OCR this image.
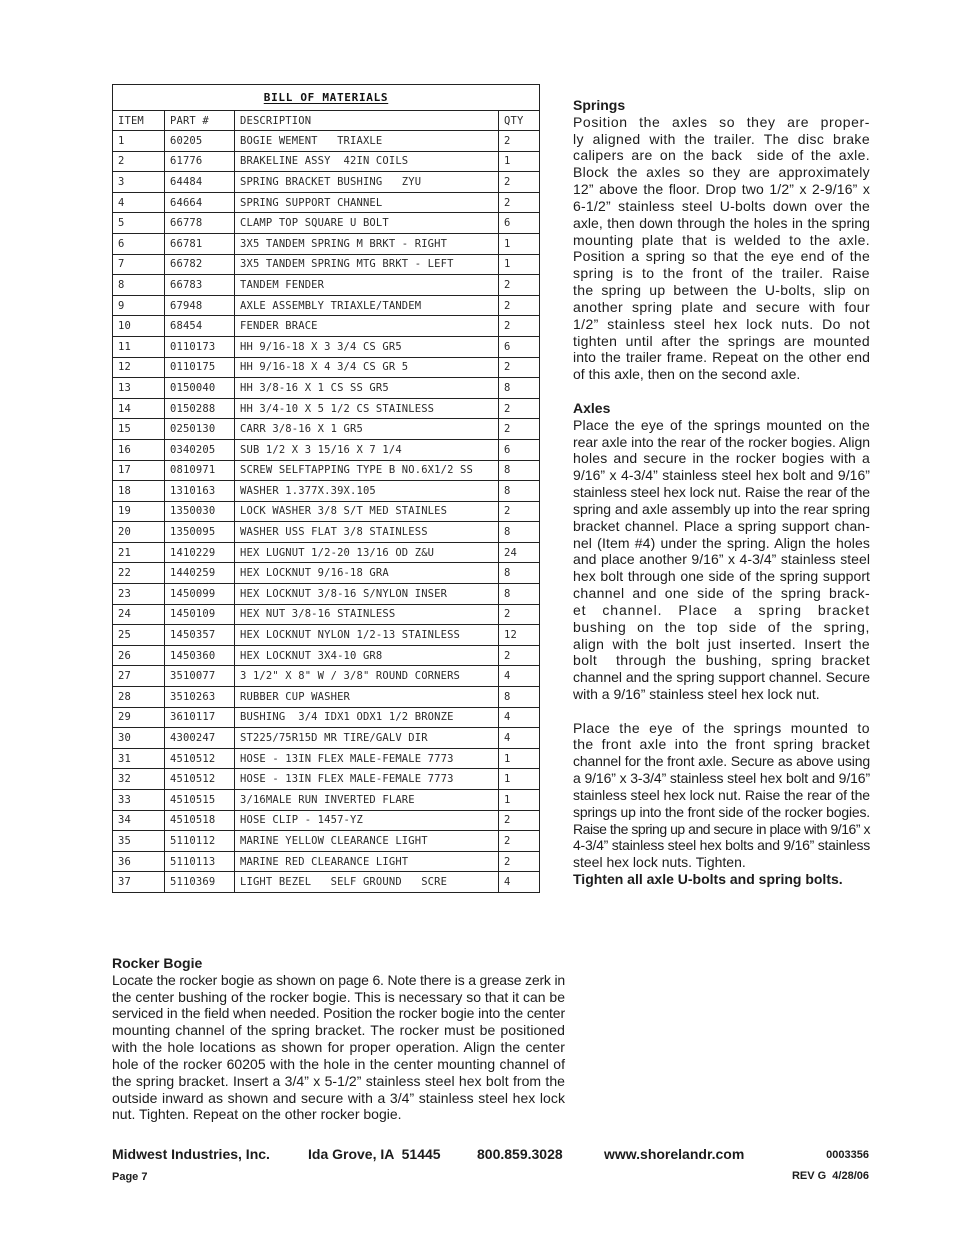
BILL OF MATERIALS
ITEM	PART #	DESCRIPTION	QTY
1	60205	BOGIE WEMENT   TRIAXLE	2
2	61776	BRAKELINE ASSY  42IN COILS	1
3	64484	SPRING BRACKET BUSHING   ZYU	2
4	64664	SPRING SUPPORT CHANNEL	2
5	66778	CLAMP TOP SQUARE U BOLT	6
6	66781	3X5 TANDEM SPRING M BRKT - RIGHT	1
7	66782	3X5 TANDEM SPRING MTG BRKT - LEFT	1
8	66783	TANDEM FENDER	2
9	67948	AXLE ASSEMBLY TRIAXLE/TANDEM	2
10	68454	FENDER BRACE	2
11	0110173	HH 9/16-18 X 3 3/4 CS GR5	6
12	0110175	HH 9/16-18 X 4 3/4 CS GR 5	2
13	0150040	HH 3/8-16 X 1 CS SS GR5	8
14	0150288	HH 3/4-10 X 5 1/2 CS STAINLESS	2
15	0250130	CARR 3/8-16 X 1 GR5	2
16	0340205	SUB 1/2 X 3 15/16 X 7 1/4	6
17	0810971	SCREW SELFTAPPING TYPE B NO.6X1/2 SS	8
18	1310163	WASHER 1.377X.39X.105	8
19	1350030	LOCK WASHER 3/8 S/T MED STAINLES	2
20	1350095	WASHER USS FLAT 3/8 STAINLESS	8
21	1410229	HEX LUGNUT 1/2-20 13/16 OD Z&U	24
22	1440259	HEX LOCKNUT 9/16-18 GRA	8
23	1450099	HEX LOCKNUT 3/8-16 S/NYLON INSER	8
24	1450109	HEX NUT 3/8-16 STAINLESS	2
25	1450357	HEX LOCKNUT NYLON 1/2-13 STAINLESS	12
26	1450360	HEX LOCKNUT 3X4-10 GR8	2
27	3510077	3 1/2" X 8" W / 3/8" ROUND CORNERS	4
28	3510263	RUBBER CUP WASHER	8
29	3610117	BUSHING  3/4 IDX1 ODX1 1/2 BRONZE	4
30	4300247	ST225/75R15D MR TIRE/GALV DIR	4
31	4510512	HOSE - 13IN FLEX MALE-FEMALE 7773	1
32	4510512	HOSE - 13IN FLEX MALE-FEMALE 7773	1
33	4510515	3/16MALE RUN INVERTED FLARE	1
34	4510518	HOSE CLIP - 1457-YZ	2
35	5110112	MARINE YELLOW CLEARANCE LIGHT	2
36	5110113	MARINE RED CLEARANCE LIGHT	2
37	5110369	LIGHT BEZEL   SELF GROUND   SCRE	4
Springs
Position the axles so they are proper-
ly aligned with the trailer. The disc brake
calipers are on the back  side of the axle.
Block the axles so they are approximately
12” above the floor. Drop two 1/2” x 2-9/16” x
6-1/2” stainless steel U-bolts down over the
axle, then down through the holes in the spring
mounting plate that is welded to the axle.
Position a spring so that the eye end of the
spring is to the front of the trailer. Raise
the spring up between the U-bolts, slip on
another spring plate and secure with four
1/2” stainless steel hex lock nuts. Do not
tighten until after the springs are mounted
into the trailer frame. Repeat on the other end
of this axle, then on the second axle.
Axles
Place the eye of the springs mounted on the
rear axle into the rear of the rocker bogies. Align
holes and secure in the rocker bogies with a
9/16” x 4-3/4” stainless steel hex bolt and 9/16”
stainless steel hex lock nut. Raise the rear of the
spring and axle assembly up into the rear spring
bracket channel. Place a spring support chan-
nel (Item #4) under the spring. Align the holes
and place another 9/16” x 4-3/4” stainless steel
hex bolt through one side of the spring support
channel and one side of the spring brack-
et channel. Place a spring bracket
bushing on the top side of the spring,
align with the bolt just inserted. Insert the
bolt  through the bushing, spring bracket
channel and the spring support channel. Secure
with a 9/16” stainless steel hex lock nut.
Place the eye of the springs mounted to
the front axle into the front spring bracket
channel for the front axle. Secure as above using
a 9/16” x 3-3/4” stainless steel hex bolt and 9/16”
stainless steel hex lock nut. Raise the rear of the
springs up into the front side of the rocker bogies.
Raise the spring up and secure in place with 9/16” x
4-3/4” stainless steel hex bolts and 9/16” stainless
steel hex lock nuts. Tighten.
Tighten all axle U-bolts and spring bolts.
Rocker Bogie
Locate the rocker bogie as shown on page 6. Note there is a grease zerk in
the center bushing of the rocker bogie. This is necessary so that it can be
serviced in the field when needed. Position the rocker bogie into the center
mounting channel of the spring bracket. The rocker must be positioned
with the hole locations as shown for proper operation. Align the center
hole of the rocker 60205 with the hole in the center mounting channel of
the spring bracket. Insert a 3/4” x 5-1/2” stainless steel hex bolt from the
outside inward as shown and secure with a 3/4” stainless steel hex lock
nut. Tighten. Repeat on the other rocker bogie.
Midwest Industries, Inc.	Ida Grove, IA  51445	800.859.3028	www.shorelandr.com	0003356
REV G  4/28/06
Page 7
